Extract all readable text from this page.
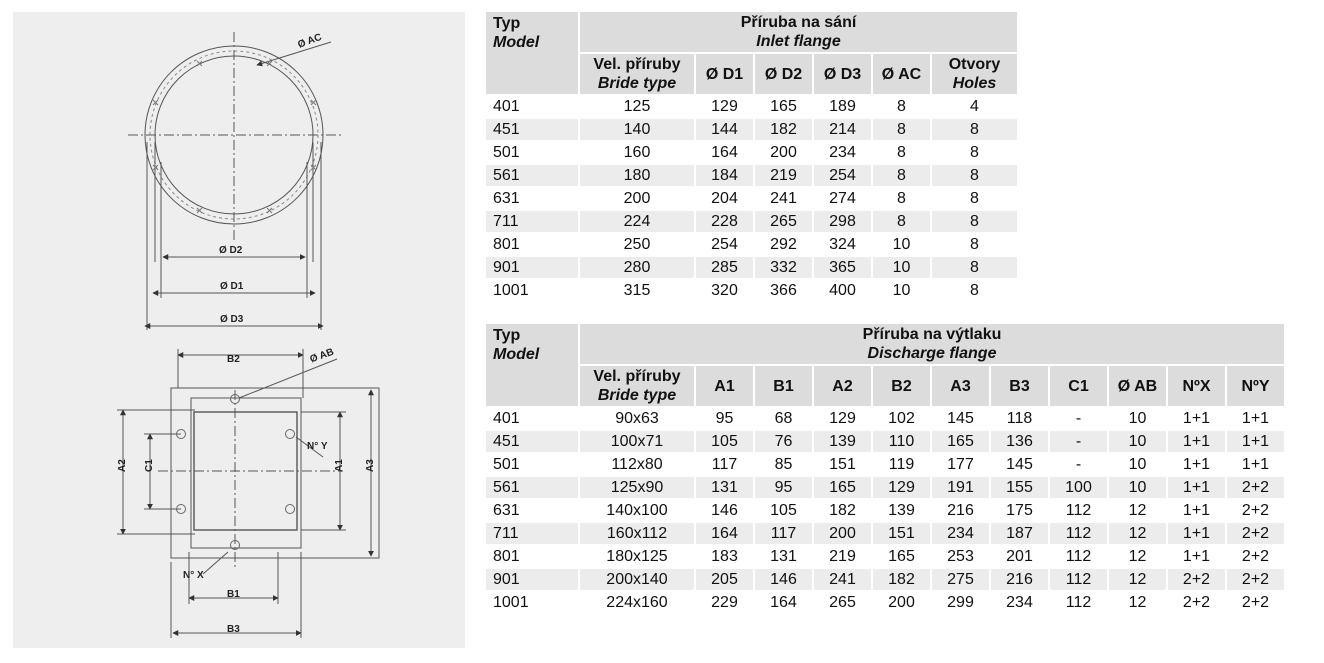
Ø AC
Ø D2
Ø D1
Ø D3
B2	Ø AB
N° Y
A2 C1	A1 A3
N° X
B1
B3
Typ
Model	Příruba na sání
Inlet flange					

	Vel. příruby
Bride type	Ø D1	Ø D2	Ø D3	Ø AC	Otvory
Holes

401	125	129	165	189	8	4
451	140	144	182	214	8	8
501	160	164	200	234	8	8
561	180	184	219	254	8	8
631	200	204	241	274	8	8
711	224	228	265	298	8	8
801	250	254	292	324	10	8
901	280	285	332	365	10	8
1001	315	320	366	400	10	8
Typ
Model	Příruba na výtlaku
Discharge flange										

	Vel. příruby
Bride type	A1	B1	A2	B2	A3	B3	C1	Ø AB	NºX	NºY
401	90x63	95	68	129	102	145	118	-	10	1+1	1+1
451	100x71	105	76	139	110	165	136	-	10	1+1	1+1
501	112x80	117	85	151	119	177	145	-	10	1+1	1+1
561	125x90	131	95	165	129	191	155	100	10	1+1	2+2
631	140x100	146	105	182	139	216	175	112	12	1+1	2+2
711	160x112	164	117	200	151	234	187	112	12	1+1	2+2
801	180x125	183	131	219	165	253	201	112	12	1+1	2+2
901	200x140	205	146	241	182	275	216	112	12	2+2	2+2
1001	224x160	229	164	265	200	299	234	112	12	2+2	2+2
